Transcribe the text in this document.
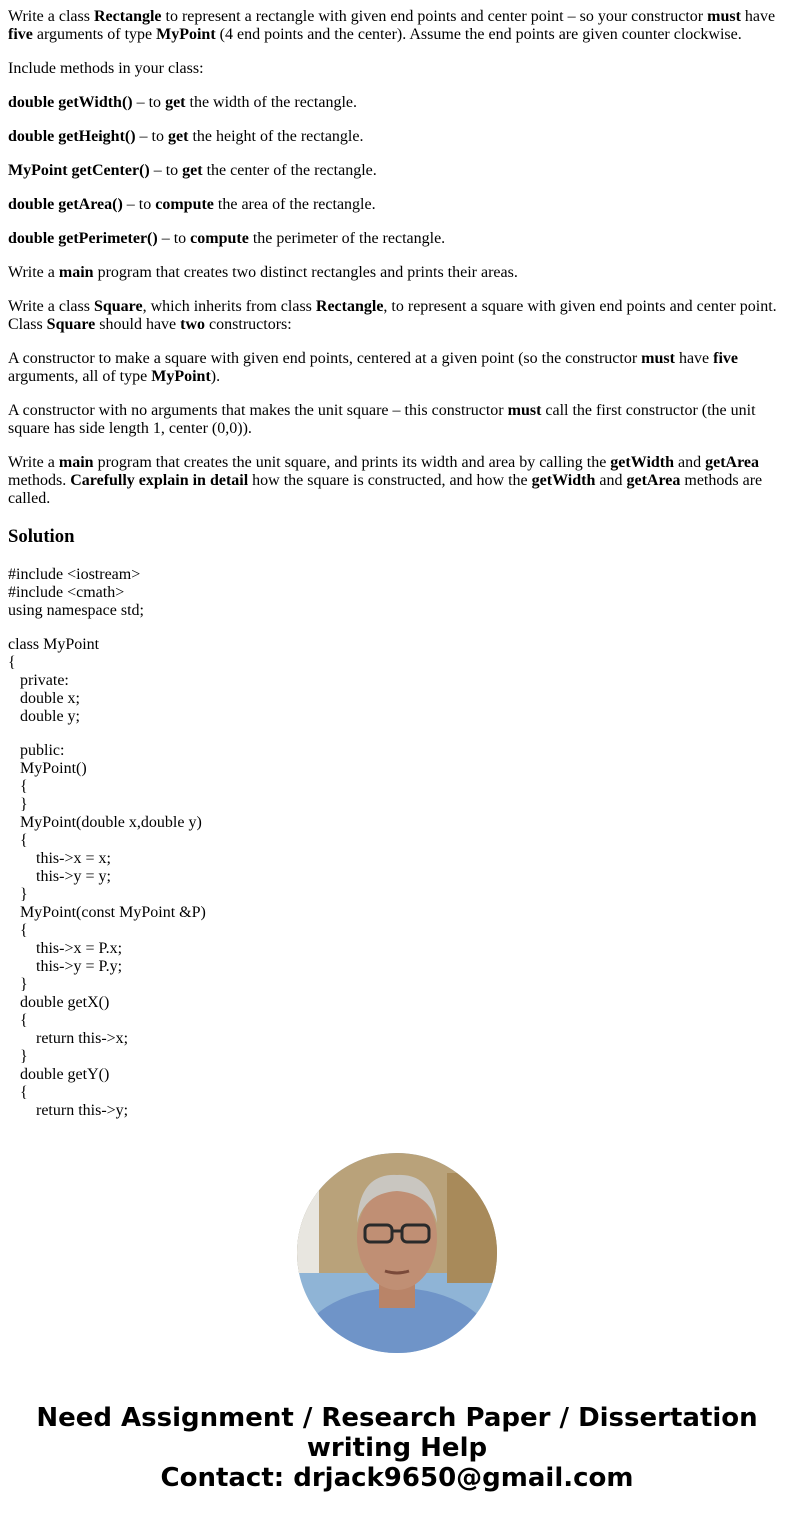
Write a class Rectangle to represent a rectangle with given end points and center point – so your constructor must have five arguments of type MyPoint (4 end points and the center). Assume the end points are given counter clockwise.

Include methods in your class:

double getWidth() – to get the width of the rectangle.

double getHeight() – to get the height of the rectangle.

MyPoint getCenter() – to get the center of the rectangle.

double getArea() – to compute the area of the rectangle.

double getPerimeter() – to compute the perimeter of the rectangle.

Write a main program that creates two distinct rectangles and prints their areas.

Write a class Square, which inherits from class Rectangle, to represent a square with given end points and center point. Class Square should have two constructors:

A constructor to make a square with given end points, centered at a given point (so the constructor must have five arguments, all of type MyPoint).

A constructor with no arguments that makes the unit square – this constructor must call the first constructor (the unit square has side length 1, center (0,0)).

Write a main program that creates the unit square, and prints its width and area by calling the getWidth and getArea methods. Carefully explain in detail how the square is constructed, and how the getWidth and getArea methods are called.

Solution

#include <iostream>
#include <cmath>
using namespace std;

class MyPoint
{
private:
double x;
double y;

public:
MyPoint()
{
}
MyPoint(double x,double y)
{
this->x = x;
this->y = y;
}
MyPoint(const MyPoint &P)
{
this->x = P.x;
this->y = P.y;
}
double getX()
{
return this->x;
}
double getY()
{
return this->y;

Need Assignment / Research Paper / Dissertation
writing Help
Contact: drjack9650@gmail.com
